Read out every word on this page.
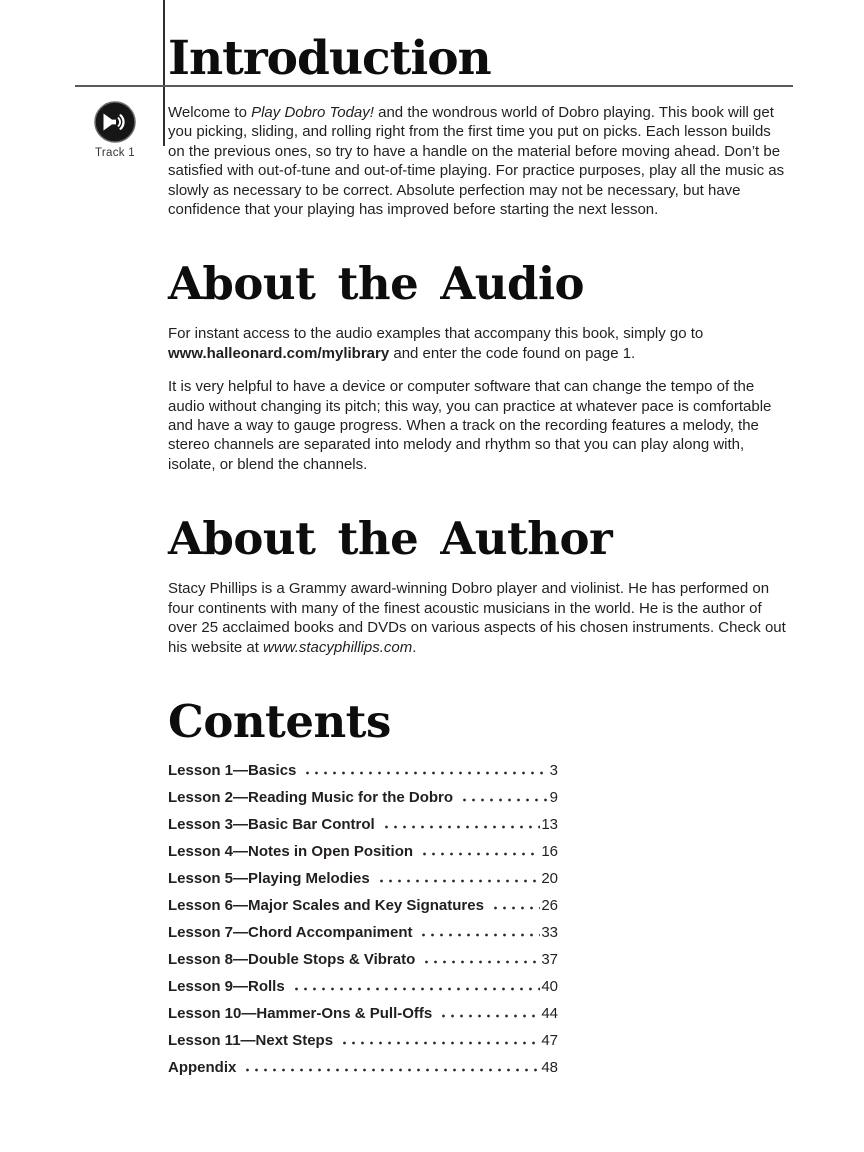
Track 1
Introduction

Welcome to Play Dobro Today! and the wondrous world of Dobro playing. This book will get you picking, sliding, and rolling right from the first time you put on picks. Each lesson builds on the previous ones, so try to have a handle on the material before moving ahead. Don’t be satisfied with out-of-tune and out-of-time playing. For practice purposes, play all the music as slowly as necessary to be correct. Absolute perfection may not be necessary, but have confidence that your playing has improved before starting the next lesson.

About the Audio

For instant access to the audio examples that accompany this book, simply go to www.halleonard.com/mylibrary and enter the code found on page 1.

It is very helpful to have a device or computer software that can change the tempo of the audio without changing its pitch; this way, you can practice at whatever pace is comfortable and have a way to gauge progress. When a track on the recording features a melody, the stereo channels are separated into melody and rhythm so that you can play along with, isolate, or blend the channels.

About the Author

Stacy Phillips is a Grammy award-winning Dobro player and violinist. He has performed on four continents with many of the finest acoustic musicians in the world. He is the author of over 25 acclaimed books and DVDs on various aspects of his chosen instruments. Check out his website at www.stacyphillips.com.

Contents
Lesson 1—Basics	3
Lesson 2—Reading Music for the Dobro	9
Lesson 3—Basic Bar Control	13
Lesson 4—Notes in Open Position	16
Lesson 5—Playing Melodies	20
Lesson 6—Major Scales and Key Signatures	26
Lesson 7—Chord Accompaniment	33
Lesson 8—Double Stops & Vibrato	37
Lesson 9—Rolls	40
Lesson 10—Hammer-Ons & Pull-Offs	44
Lesson 11—Next Steps	47
Appendix	48
